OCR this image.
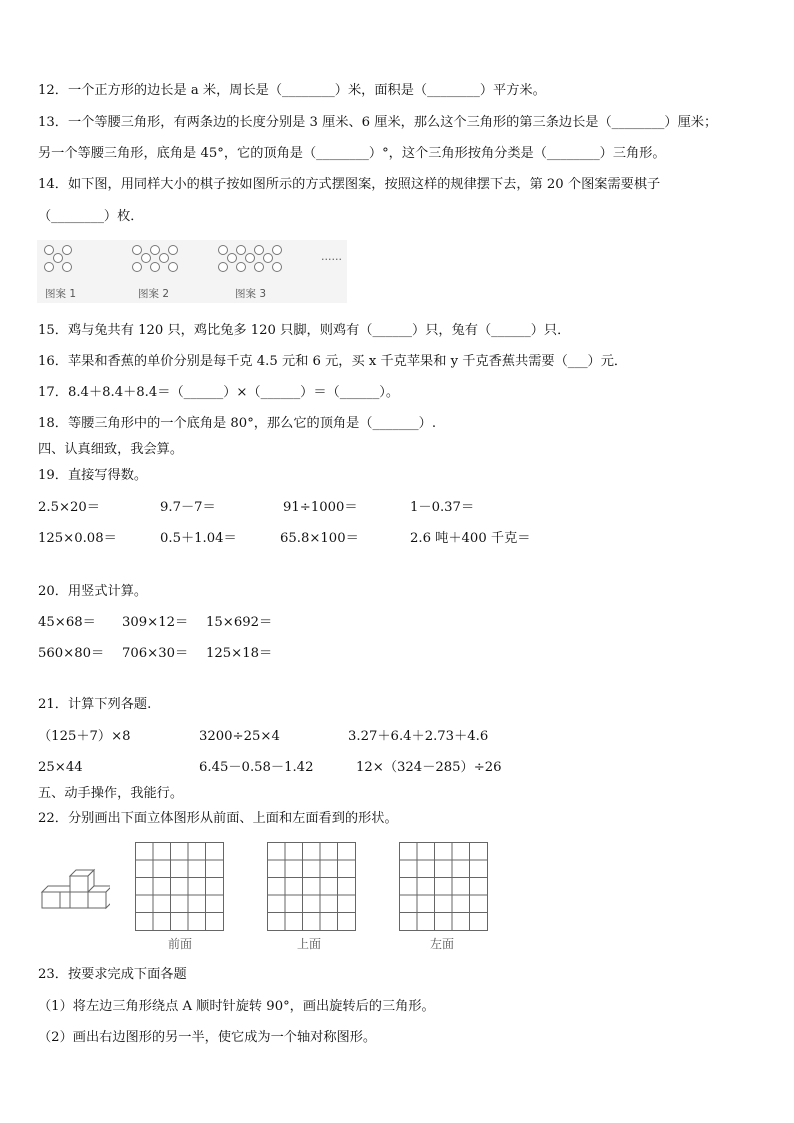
12．一个正方形的边长是 a 米，周长是（________）米，面积是（________）平方米。
13．一个等腰三角形，有两条边的长度分别是 3 厘米、6 厘米，那么这个三角形的第三条边长是（________）厘米；
另一个等腰三角形，底角是 45°，它的顶角是（________）°，这个三角形按角分类是（________）三角形。
14．如下图，用同样大小的棋子按如图所示的方式摆图案，按照这样的规律摆下去，第 20 个图案需要棋子
（________）枚．
图案 1	图案 2	图案 3
……
15．鸡与兔共有 120 只，鸡比兔多 120 只脚，则鸡有（______）只，兔有（______）只．
16．苹果和香蕉的单价分别是每千克 4.5 元和 6 元，买 x 千克苹果和 y 千克香蕉共需要（___）元．
17．8.4＋8.4＋8.4＝（______）×（______）＝（______）。
18．等腰三角形中的一个底角是 80°，那么它的顶角是（_______）.
四、认真细致，我会算。
19．直接写得数。
2.5×20＝	9.7－7＝	91÷1000＝	1－0.37＝
125×0.08＝	0.5＋1.04＝	65.8×100＝	2.6 吨＋400 千克＝
20．用竖式计算。
45×68＝ 309×12＝ 15×692＝
560×80＝ 706×30＝ 125×18＝
21．计算下列各题.
（125＋7）×8	3200÷25×4	3.27＋6.4＋2.73＋4.6
25×44	6.45－0.58－1.42	12×（324－285）÷26
五、动手操作，我能行。
22．分别画出下面立体图形从前面、上面和左面看到的形状。
前面	上面	左面
23．按要求完成下面各题
（1）将左边三角形绕点 A 顺时针旋转 90°，画出旋转后的三角形。
（2）画出右边图形的另一半，使它成为一个轴对称图形。
